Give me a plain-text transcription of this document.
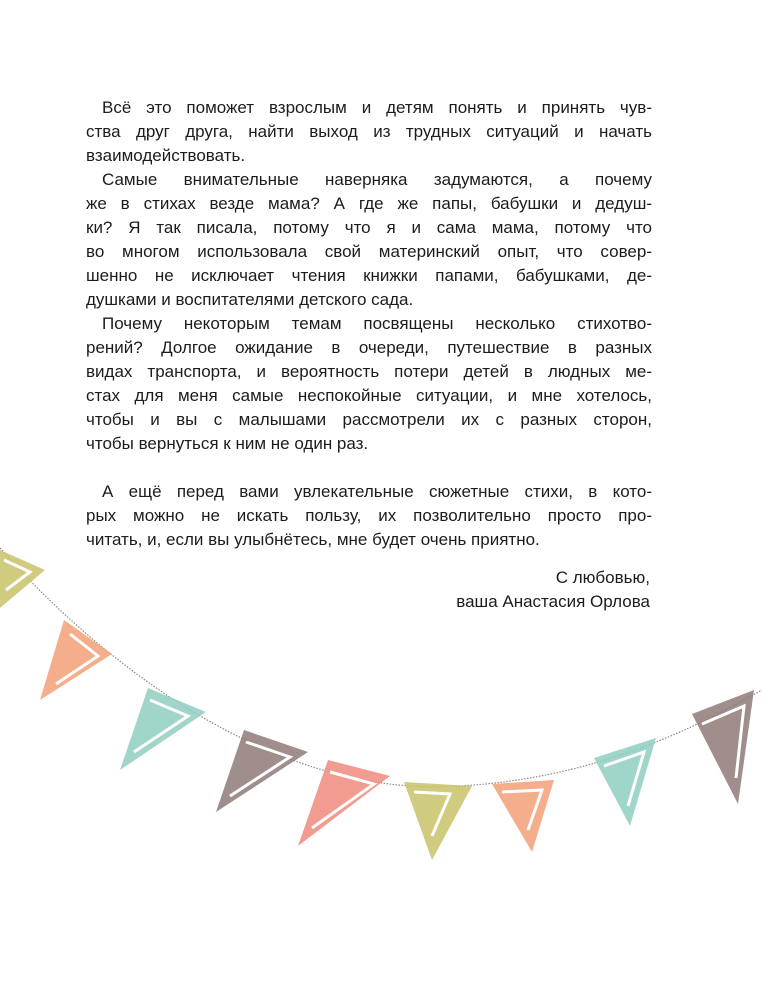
Всё это поможет взрослым и детям понять и принять чув-
ства друг друга, найти выход из трудных ситуаций и начать
взаимодействовать.
Самые внимательные наверняка задумаются, а почему
же в стихах везде мама? А где же папы, бабушки и дедуш-
ки? Я так писала, потому что я и сама мама, потому что
во многом использовала свой материнский опыт, что совер-
шенно не исключает чтения книжки папами, бабушками, де-
душками и воспитателями детского сада.
Почему некоторым темам посвящены несколько стихотво-
рений? Долгое ожидание в очереди, путешествие в разных
видах транспорта, и вероятность потери детей в людных ме-
стах для меня самые неспокойные ситуации, и мне хотелось,
чтобы и вы с малышами рассмотрели их с разных сторон,
чтобы вернуться к ним не один раз.
А ещё перед вами увлекательные сюжетные стихи, в кото-
рых можно не искать пользу, их позволительно просто про-
читать, и, если вы улыбнётесь, мне будет очень приятно.
С любовью,
ваша Анастасия Орлова
